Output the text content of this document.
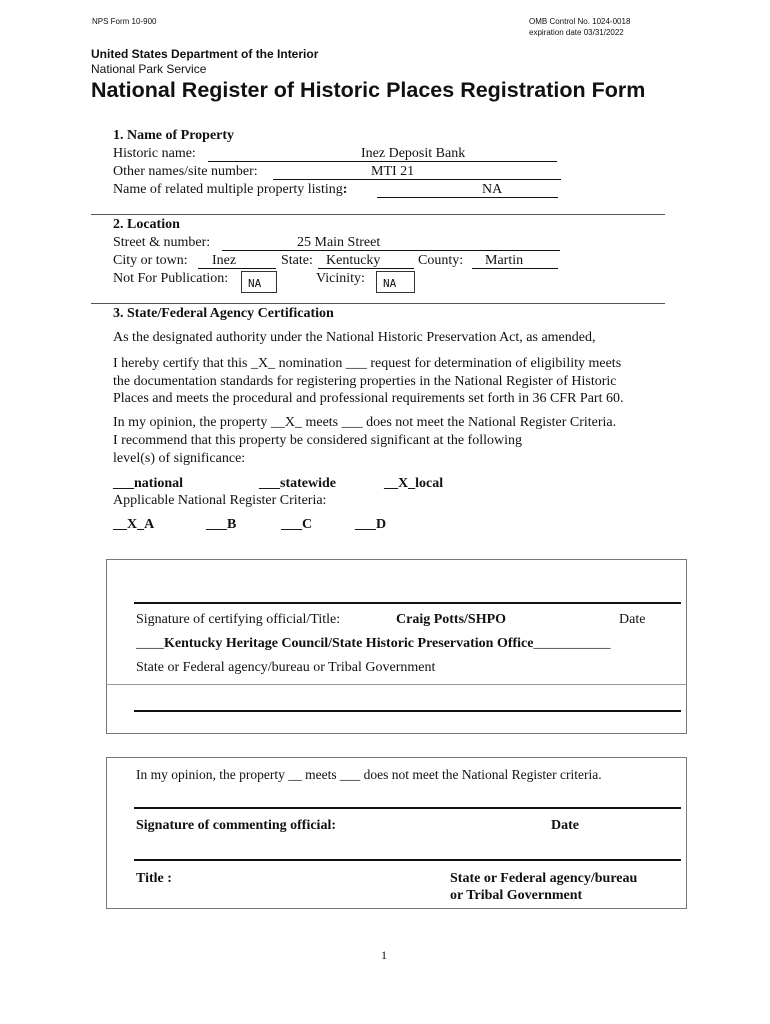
NPS Form 10-900	OMB Control No. 1024-0018
expiration date 03/31/2022
United States Department of the Interior
National Park Service
National Register of Historic Places Registration Form
1. Name of Property
Historic name:	Inez Deposit Bank
Other names/site number:	MTI 21
Name of related multiple property listing:	NA
2. Location
Street & number:	25 Main Street
City or town: Inez	State: Kentucky	County: Martin
Not For Publication:	NA	Vicinity:	NA
3. State/Federal Agency Certification
As the designated authority under the National Historic Preservation Act, as amended,
I hereby certify that this _X_ nomination ___ request for determination of eligibility meets
the documentation standards for registering properties in the National Register of Historic
Places and meets the procedural and professional requirements set forth in 36 CFR Part 60.
In my opinion, the property __X_ meets ___ does not meet the National Register Criteria.
I recommend that this property be considered significant at the following
level(s) of significance:
___national	___statewide	__X_local
Applicable National Register Criteria:
__X_A	___B	___C	___D
Signature of certifying official/Title:	Craig Potts/SHPO	Date
____Kentucky Heritage Council/State Historic Preservation Office___________
State or Federal agency/bureau or Tribal Government
In my opinion, the property __ meets ___ does not meet the National Register criteria.
Signature of commenting official:	Date
Title :	State or Federal agency/bureau
or Tribal Government
1
